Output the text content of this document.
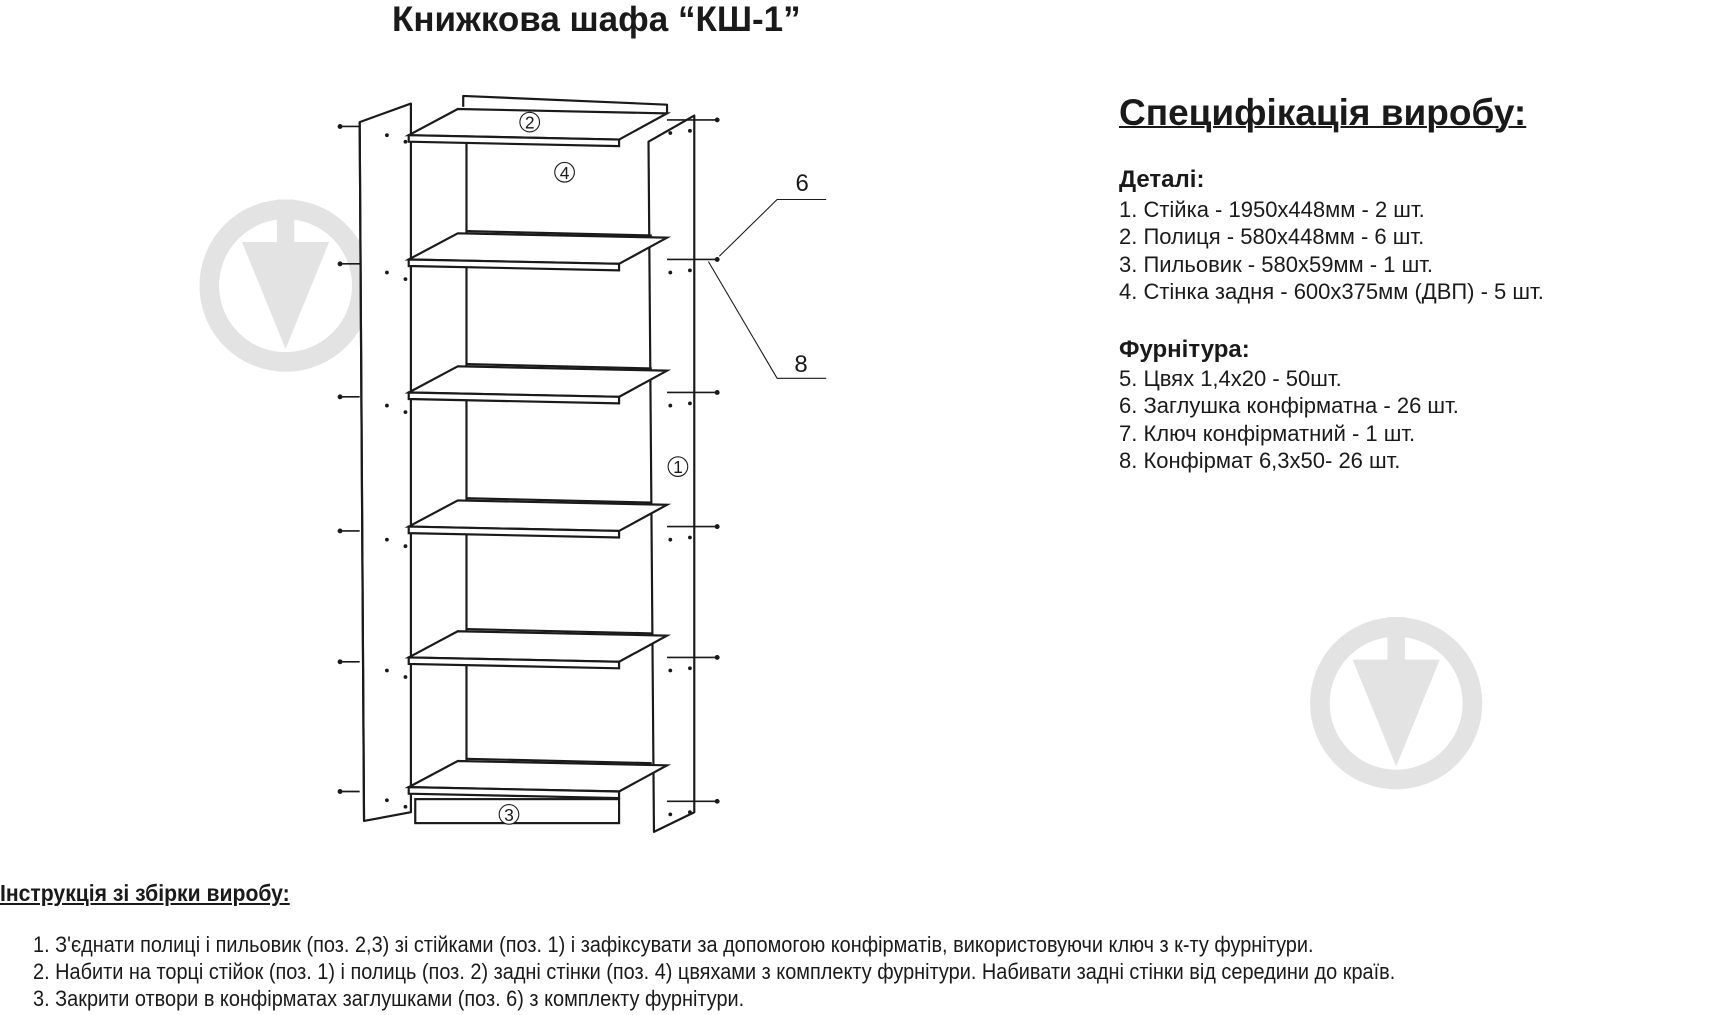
2
4
1
3
6
8
Книжкова шафа “КШ-1”
Специфікація виробу:
Деталі:
1. Стійка - 1950x448мм - 2 шт.
2. Полиця - 580x448мм - 6 шт.
3. Пильовик - 580x59мм - 1 шт.
4. Стінка задня - 600x375мм (ДВП) - 5 шт.
Фурнітура:
5. Цвях 1,4x20 - 50шт.
6. Заглушка конфірматна - 26 шт.
7. Ключ конфірматний - 1 шт.
8. Конфірмат 6,3x50- 26 шт.
Інструкція зі збірки виробу:
1. З'єднати полиці і пильовик (поз. 2,3) зі стійками (поз. 1) і зафіксувати за допомогою конфірматів, використовуючи ключ з к-ту фурнітури.
2. Набити на торці стійок (поз. 1) і полиць (поз. 2) задні стінки (поз. 4) цвяхами з комплекту фурнітури. Набивати задні стінки від середини до країв.
3. Закрити отвори в конфірматах заглушками (поз. 6) з комплекту фурнітури.
